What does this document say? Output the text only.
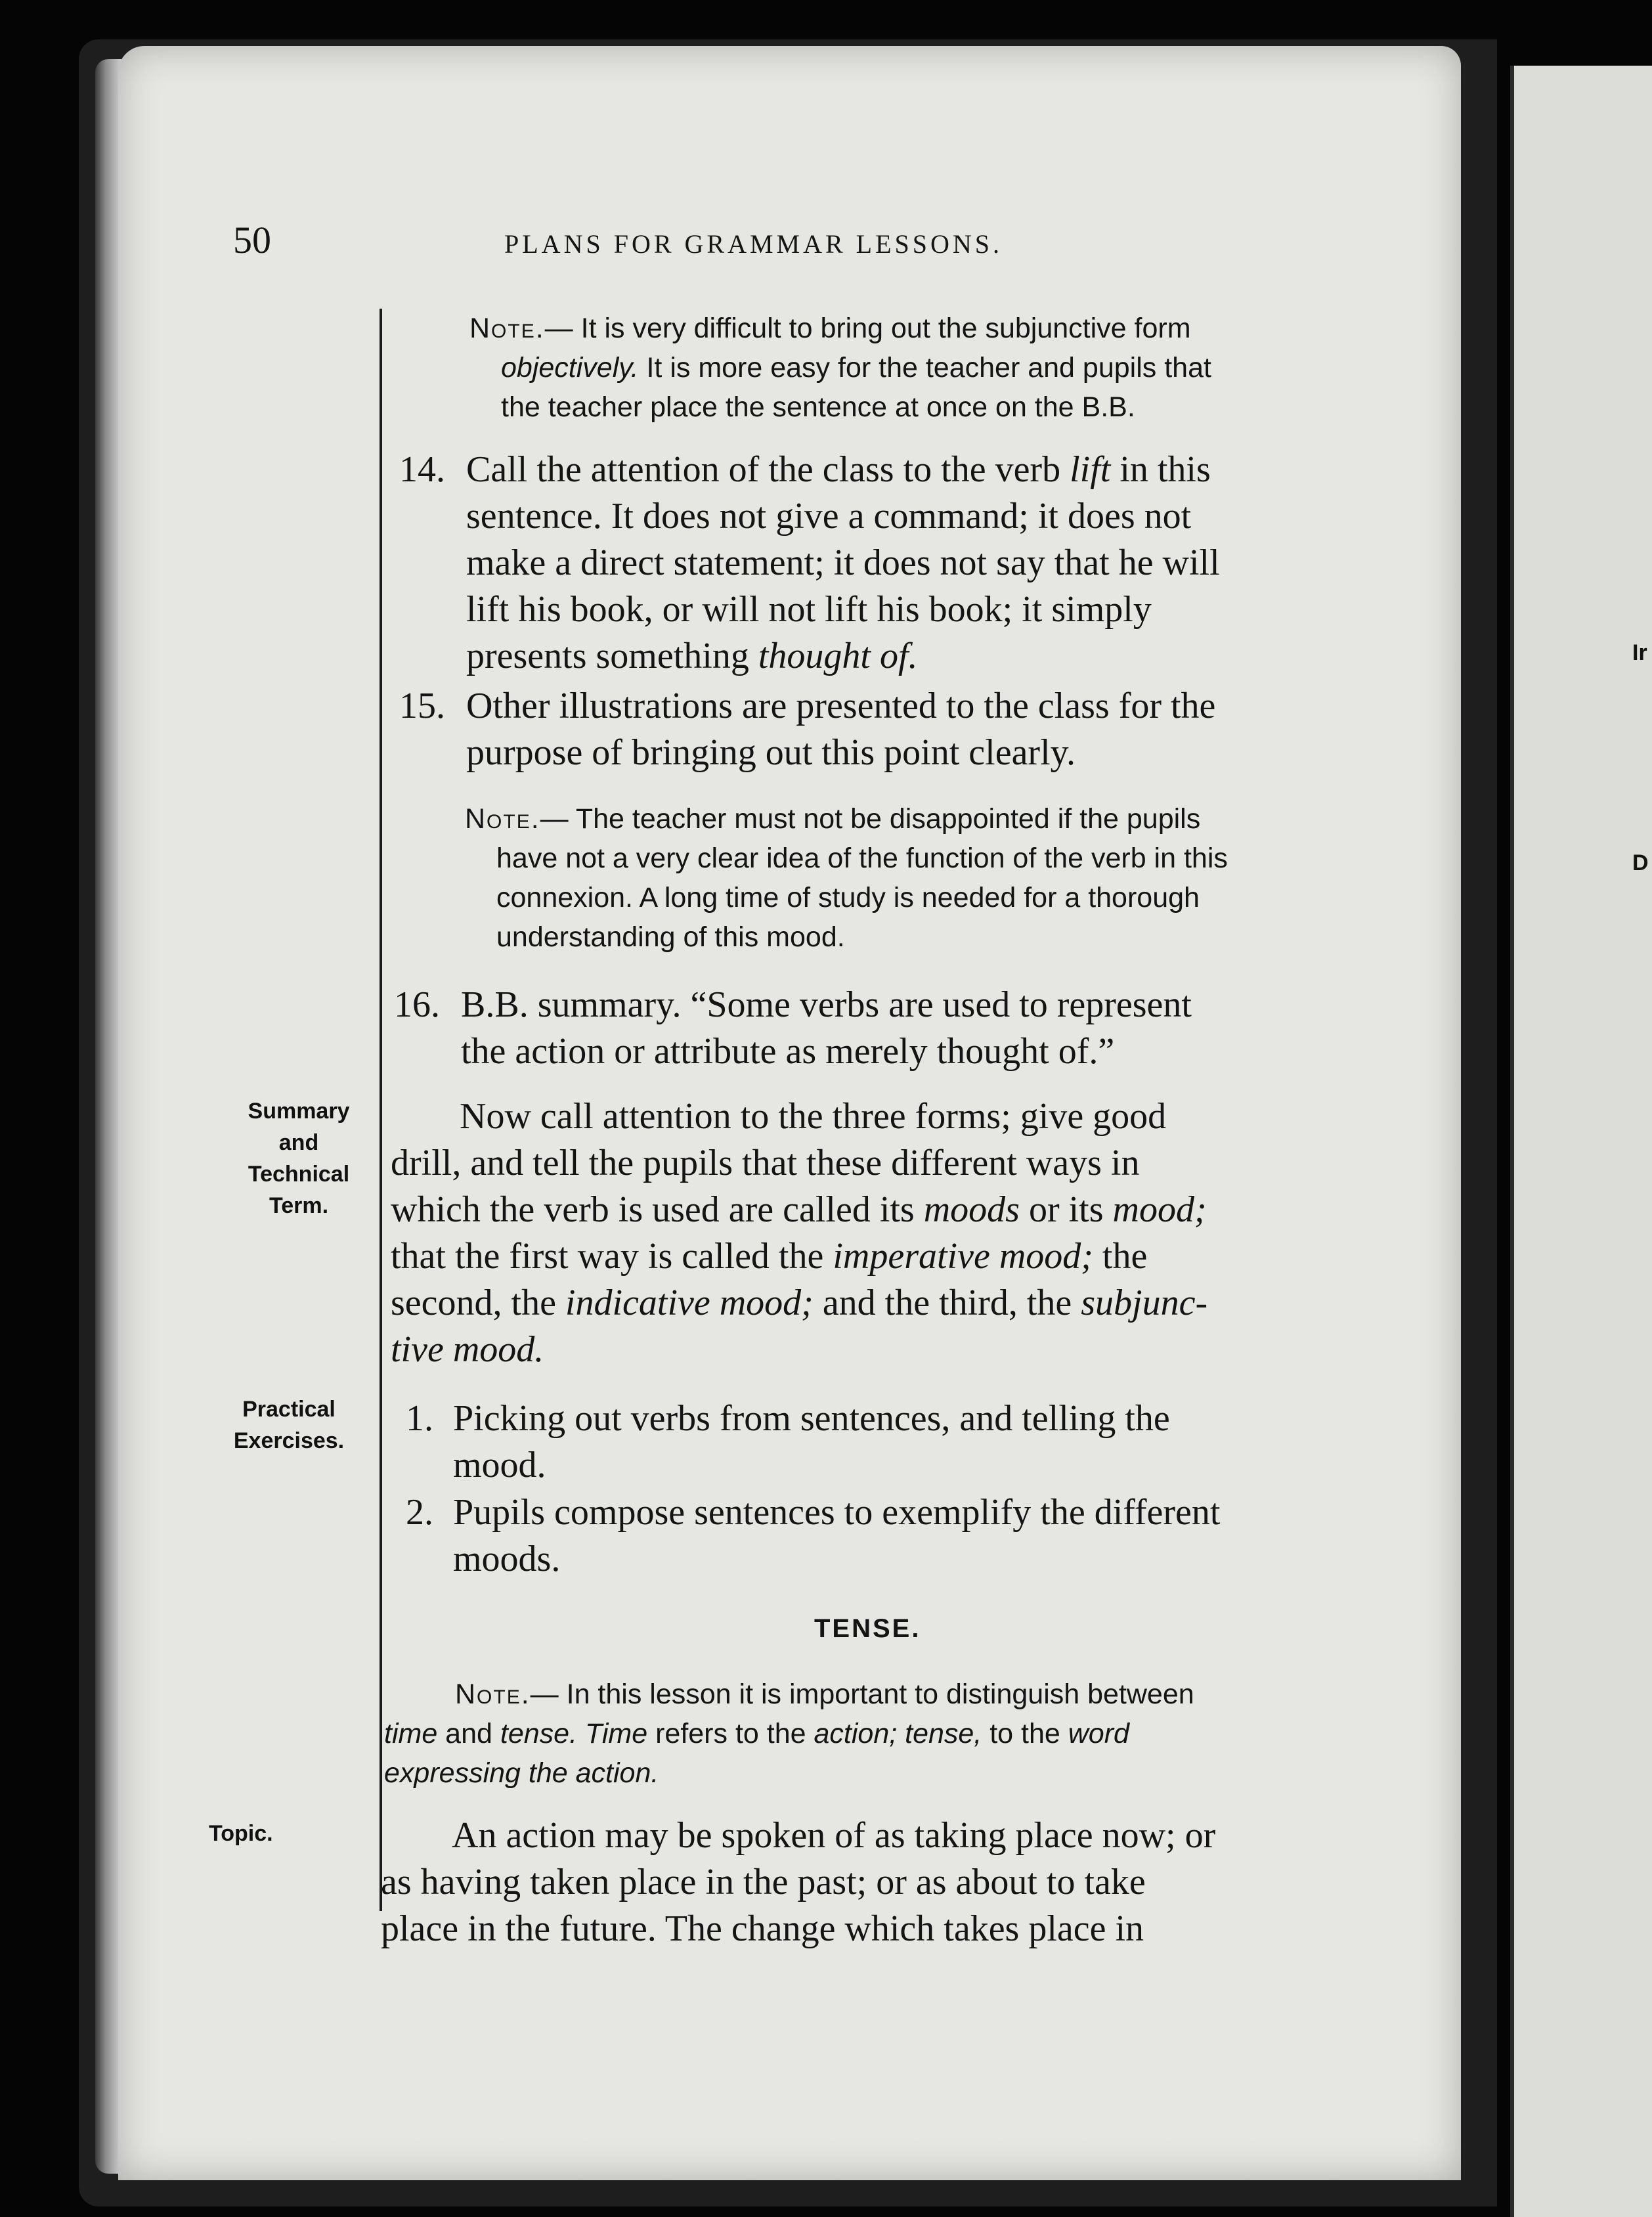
Ir
D
50	PLANS FOR GRAMMAR LESSONS.
Note.— It is very difficult to bring out the subjunctive form
objectively. It is more easy for the teacher and pupils that
the teacher place the sentence at once on the B.B.
14. Call the attention of the class to the verb lift in this
sentence. It does not give a command; it does not
make a direct statement; it does not say that he will
lift his book, or will not lift his book; it simply
presents something thought of.
15. Other illustrations are presented to the class for the
purpose of bringing out this point clearly.
Note.— The teacher must not be disappointed if the pupils
have not a very clear idea of the function of the verb in this
connexion. A long time of study is needed for a thorough
understanding of this mood.
16. B.B. summary. “Some verbs are used to represent
the action or attribute as merely thought of.”
Summary
and
Technical
Term.
Now call attention to the three forms; give good
drill, and tell the pupils that these different ways in
which the verb is used are called its moods or its mood;
that the first way is called the imperative mood; the
second, the indicative mood; and the third, the subjunc-
tive mood.
Practical
Exercises.
1. Picking out verbs from sentences, and telling the
mood.
2. Pupils compose sentences to exemplify the different
moods.
TENSE.
Note.— In this lesson it is important to distinguish between
time and tense. Time refers to the action; tense, to the word
expressing the action.
Topic.	An action may be spoken of as taking place now; or
as having taken place in the past; or as about to take
place in the future. The change which takes place in
